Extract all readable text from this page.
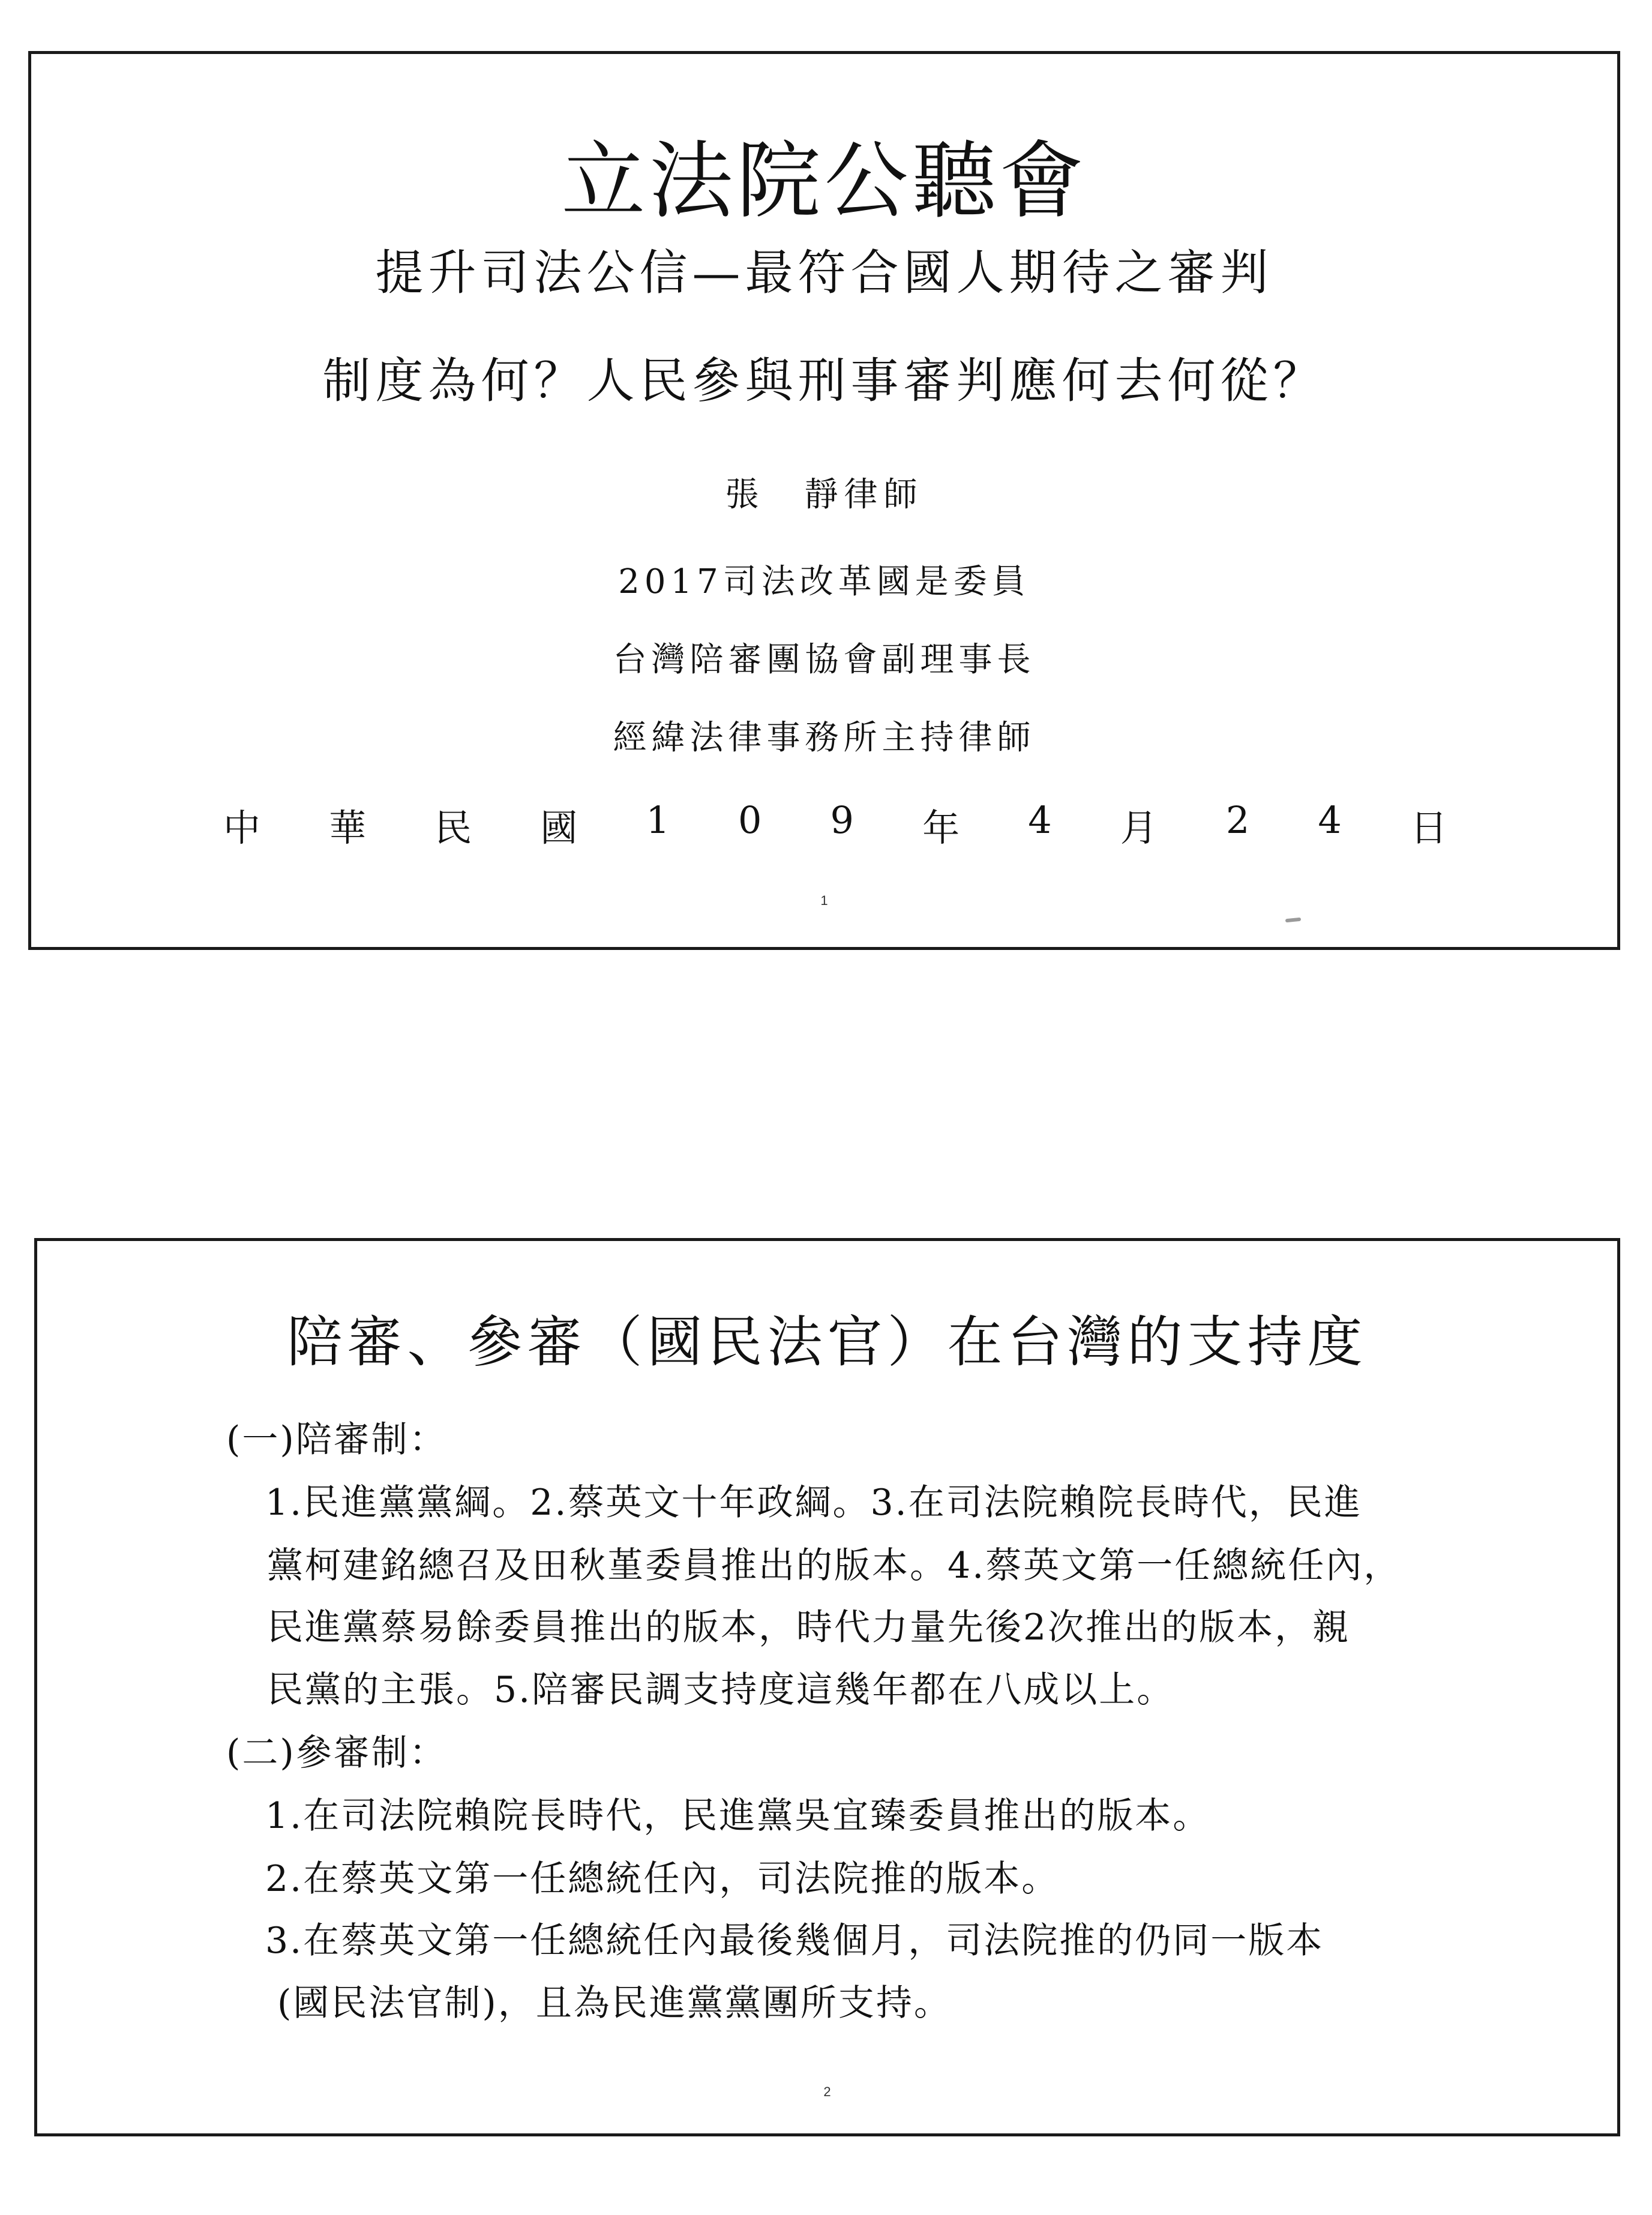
立法院公聽會
提升司法公信—最符合國人期待之審判
制度為何？人民參與刑事審判應何去何從？
張　靜律師
2017司法改革國是委員
台灣陪審團協會副理事長
經緯法律事務所主持律師
中 華 民 國 1 0 9 年 4 月 2 4 日
1
陪審、參審（國民法官）在台灣的支持度
(一)陪審制：
1.民進黨黨綱。2.蔡英文十年政綱。3.在司法院賴院長時代，民進
黨柯建銘總召及田秋堇委員推出的版本。4.蔡英文第一任總統任內，
民進黨蔡易餘委員推出的版本，時代力量先後2次推出的版本，親
民黨的主張。5.陪審民調支持度這幾年都在八成以上。
(二)參審制：
1.在司法院賴院長時代，民進黨吳宜臻委員推出的版本。
2.在蔡英文第一任總統任內，司法院推的版本。
3.在蔡英文第一任總統任內最後幾個月，司法院推的仍同一版本
(國民法官制)，且為民進黨黨團所支持。
2
